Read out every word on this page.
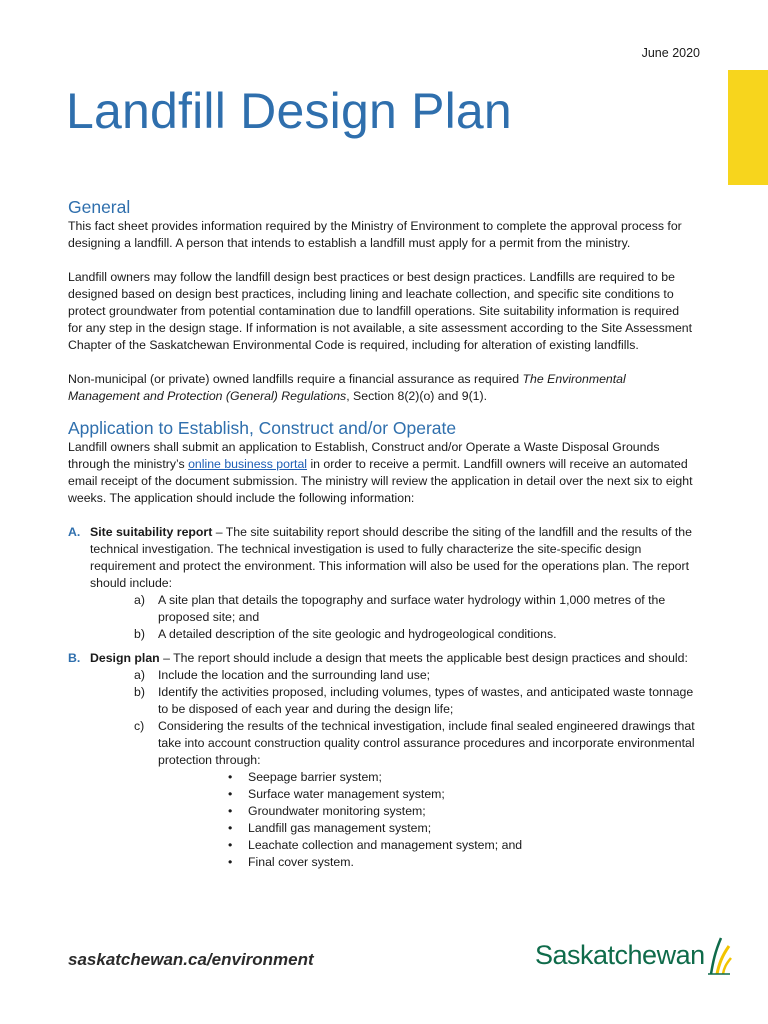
June 2020
Landfill Design Plan
General

This fact sheet provides information required by the Ministry of Environment to complete the approval process for designing a landfill. A person that intends to establish a landfill must apply for a permit from the ministry.

Landfill owners may follow the landfill design best practices or best design practices. Landfills are required to be designed based on design best practices, including lining and leachate collection, and specific site conditions to protect groundwater from potential contamination due to landfill operations. Site suitability information is required for any step in the design stage. If information is not available, a site assessment according to the Site Assessment Chapter of the Saskatchewan Environmental Code is required, including for alteration of existing landfills.

Non-municipal (or private) owned landfills require a financial assurance as required The Environmental Management and Protection (General) Regulations, Section 8(2)(o) and 9(1).

Application to Establish, Construct and/or Operate

Landfill owners shall submit an application to Establish, Construct and/or Operate a Waste Disposal Grounds through the ministry’s online business portal in order to receive a permit. Landfill owners will receive an automated email receipt of the document submission. The ministry will review the application in detail over the next six to eight weeks. The application should include the following information:

A. Site suitability report – The site suitability report should describe the siting of the landfill and the results of the technical investigation. The technical investigation is used to fully characterize the site-specific design requirement and protect the environment. This information will also be used for the operations plan. The report should include:
a) A site plan that details the topography and surface water hydrology within 1,000 metres of the proposed site; and
b) A detailed description of the site geologic and hydrogeological conditions.
B. Design plan – The report should include a design that meets the applicable best design practices and should:
a) Include the location and the surrounding land use;
b) Identify the activities proposed, including volumes, types of wastes, and anticipated waste tonnage to be disposed of each year and during the design life;
c) Considering the results of the technical investigation, include final sealed engineered drawings that take into account construction quality control assurance procedures and incorporate environmental protection through:
• Seepage barrier system;
• Surface water management system;
• Groundwater monitoring system;
• Landfill gas management system;
• Leachate collection and management system; and
• Final cover system.
saskatchewan.ca/environment	Saskatchewan
